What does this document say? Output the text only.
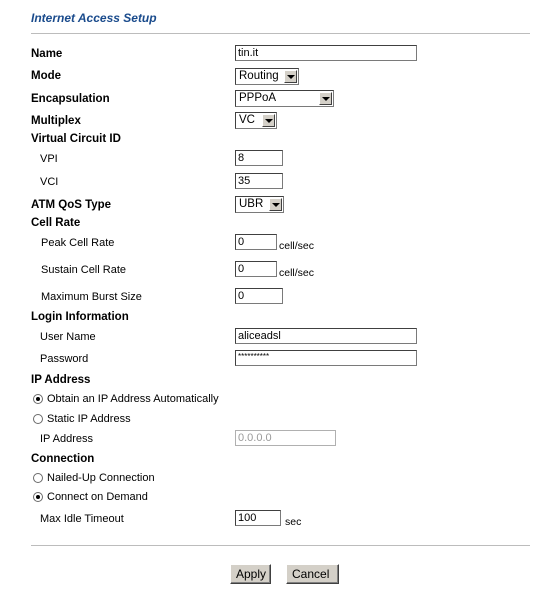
Internet Access Setup
Name	tin.it
Mode	Routing
Encapsulation	PPPoA
Multiplex	VC
Virtual Circuit ID
VPI	8
VCI	35
ATM QoS Type	UBR
Cell Rate
Peak Cell Rate	0	cell/sec
Sustain Cell Rate	0	cell/sec
Maximum Burst Size	0
Login Information
User Name	aliceadsl
Password	**********
IP Address
Obtain an IP Address Automatically
Static IP Address
IP Address	0.0.0.0
Connection
Nailed-Up Connection
Connect on Demand
Max Idle Timeout	100	sec
Apply	Cancel
